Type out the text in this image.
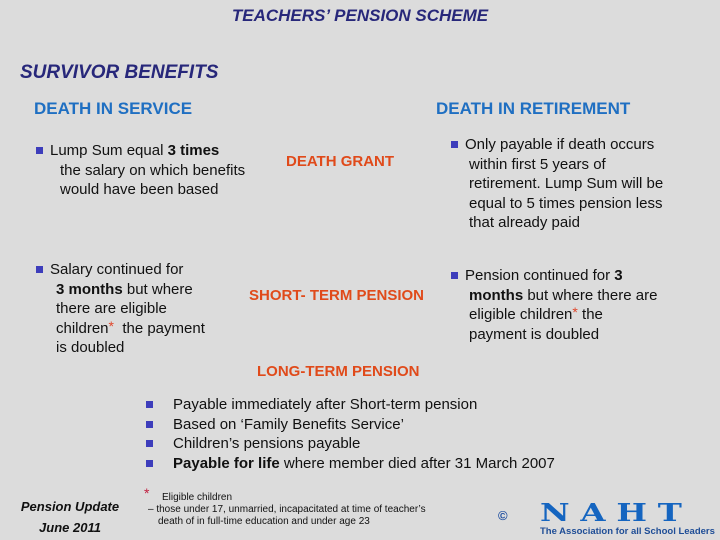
TEACHERS’ PENSION SCHEME
SURVIVOR BENEFITS
DEATH IN SERVICE
Lump Sum equal 3 times
the salary on which benefits
would have been based
Salary continued for
3 months but where
there are eligible
children*  the payment
is doubled
DEATH GRANT
SHORT- TERM PENSION
LONG-TERM PENSION
DEATH IN RETIREMENT
Only payable if death occurs
within first 5 years of
retirement. Lump Sum will be
equal to 5 times pension less
that already paid
Pension continued for 3
months but where there are
eligible children* the
payment is doubled
Payable immediately after Short-term pension
Based on ‘Family Benefits Service’
Children’s pensions payable
Payable for life where member died after 31 March 2007
Pension Update
June 2011
*	Eligible children
– those under 17, unmarried, incapacitated at time of teacher’s
death of in full-time education and under age 23	© NAHT
The Association for all School Leaders
